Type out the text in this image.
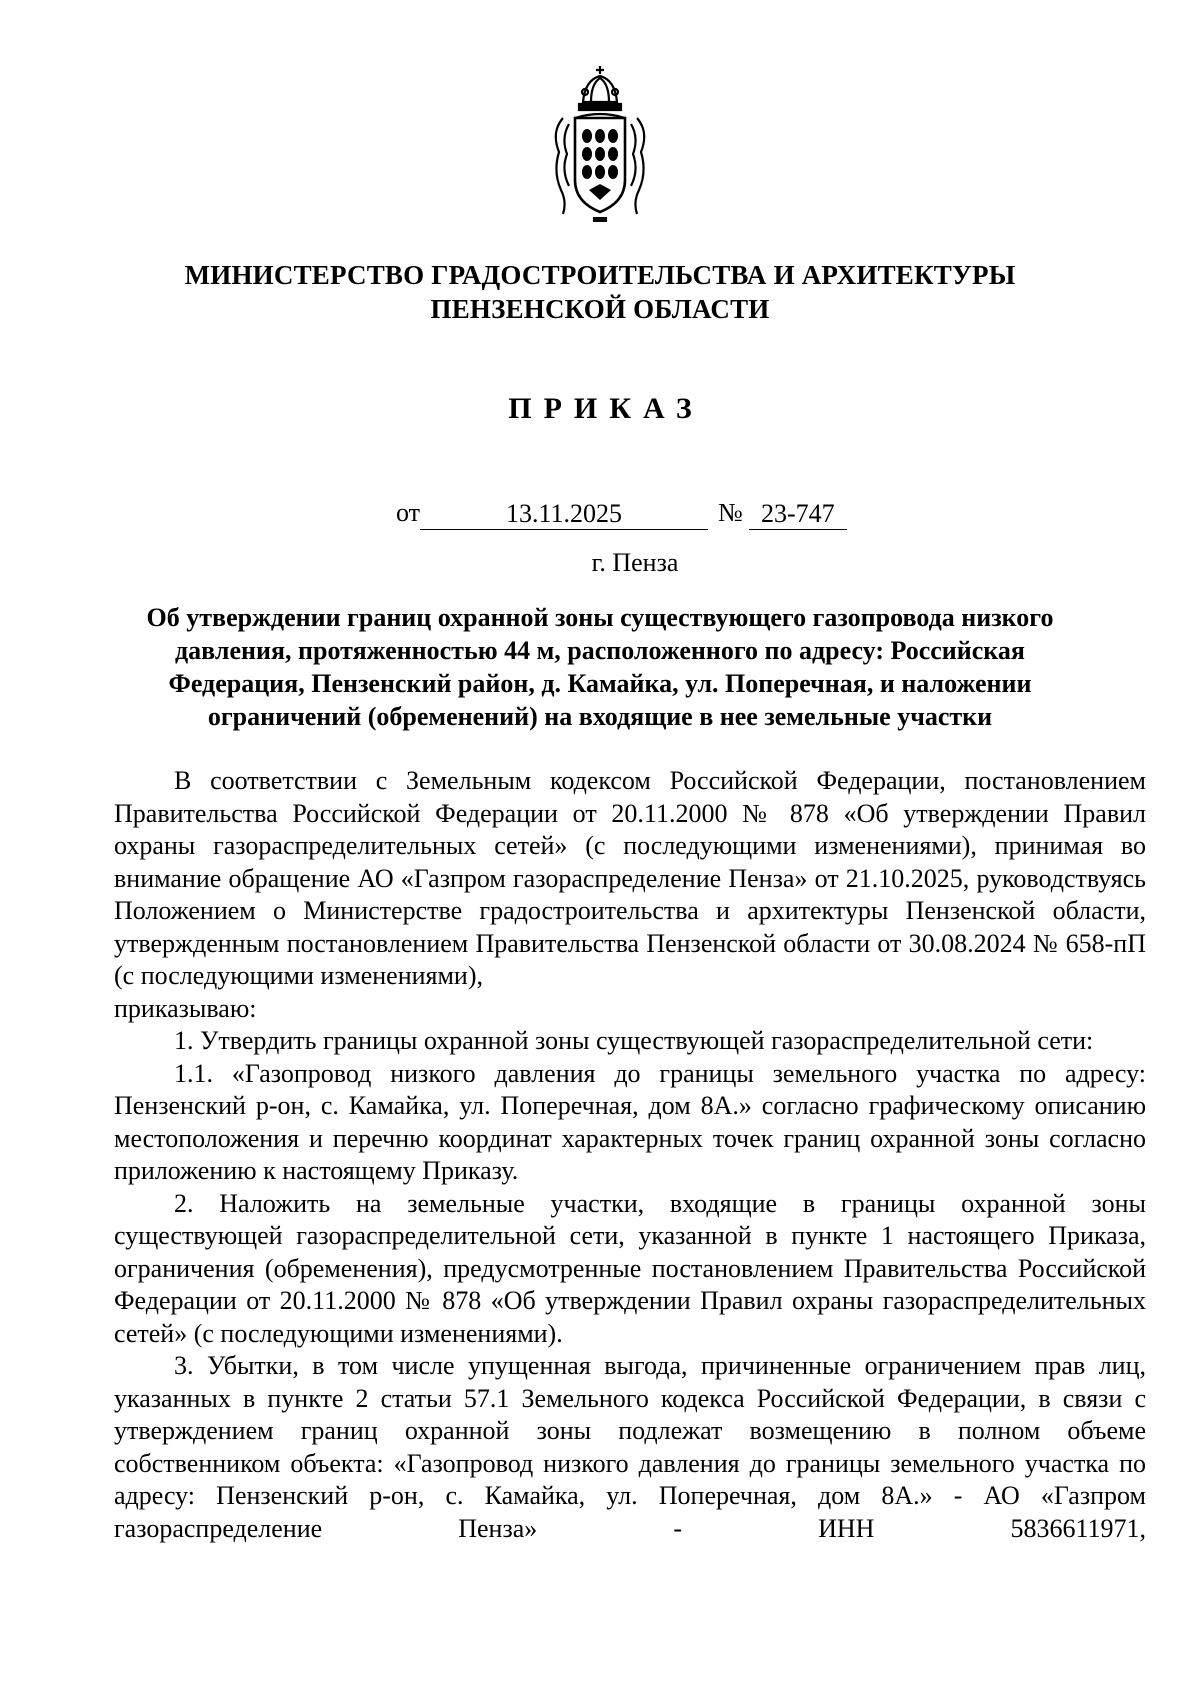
МИНИСТЕРСТВО ГРАДОСТРОИТЕЛЬСТВА И АРХИТЕКТУРЫ
ПЕНЗЕНСКОЙ ОБЛАСТИ
ПРИКАЗ
от	13.11.2025	№ 23-747
г. Пенза
Об утверждении границ охранной зоны существующего газопровода низкого давления, протяженностью 44 м, расположенного по адресу: Российская Федерация, Пензенский район, д. Камайка, ул. Поперечная, и наложении ограничений (обременений) на входящие в нее земельные участки

В соответствии с Земельным кодексом Российской Федерации, постановлением Правительства Российской Федерации от 20.11.2000 № 878 «Об утверждении Правил охраны газораспределительных сетей» (с последующими изменениями), принимая во внимание обращение АО «Газпром газораспределение Пенза» от 21.10.2025, руководствуясь Положением о Министерстве градостроительства и архитектуры Пензенской области, утвержденным постановлением Правительства Пензенской области от 30.08.2024 № 658-пП (с последующими изменениями),

приказываю:

1. Утвердить границы охранной зоны существующей газораспределительной сети:

1.1. «Газопровод низкого давления до границы земельного участка по адресу: Пензенский р-он, с. Камайка, ул. Поперечная, дом 8А.» согласно графическому описанию местоположения и перечню координат характерных точек границ охранной зоны согласно приложению к настоящему Приказу.

2. Наложить на земельные участки, входящие в границы охранной зоны существующей газораспределительной сети, указанной в пункте 1 настоящего Приказа, ограничения (обременения), предусмотренные постановлением Правительства Российской Федерации от 20.11.2000 № 878 «Об утверждении Правил охраны газораспределительных сетей» (с последующими изменениями).

3. Убытки, в том числе упущенная выгода, причиненные ограничением прав лиц, указанных в пункте 2 статьи 57.1 Земельного кодекса Российской Федерации, в связи с утверждением границ охранной зоны подлежат возмещению в полном объеме собственником объекта: «Газопровод низкого давления до границы земельного участка по адресу: Пензенский р-он, с. Камайка, ул. Поперечная, дом 8А.» - АО «Газпром газораспределение Пенза» - ИНН 5836611971,
